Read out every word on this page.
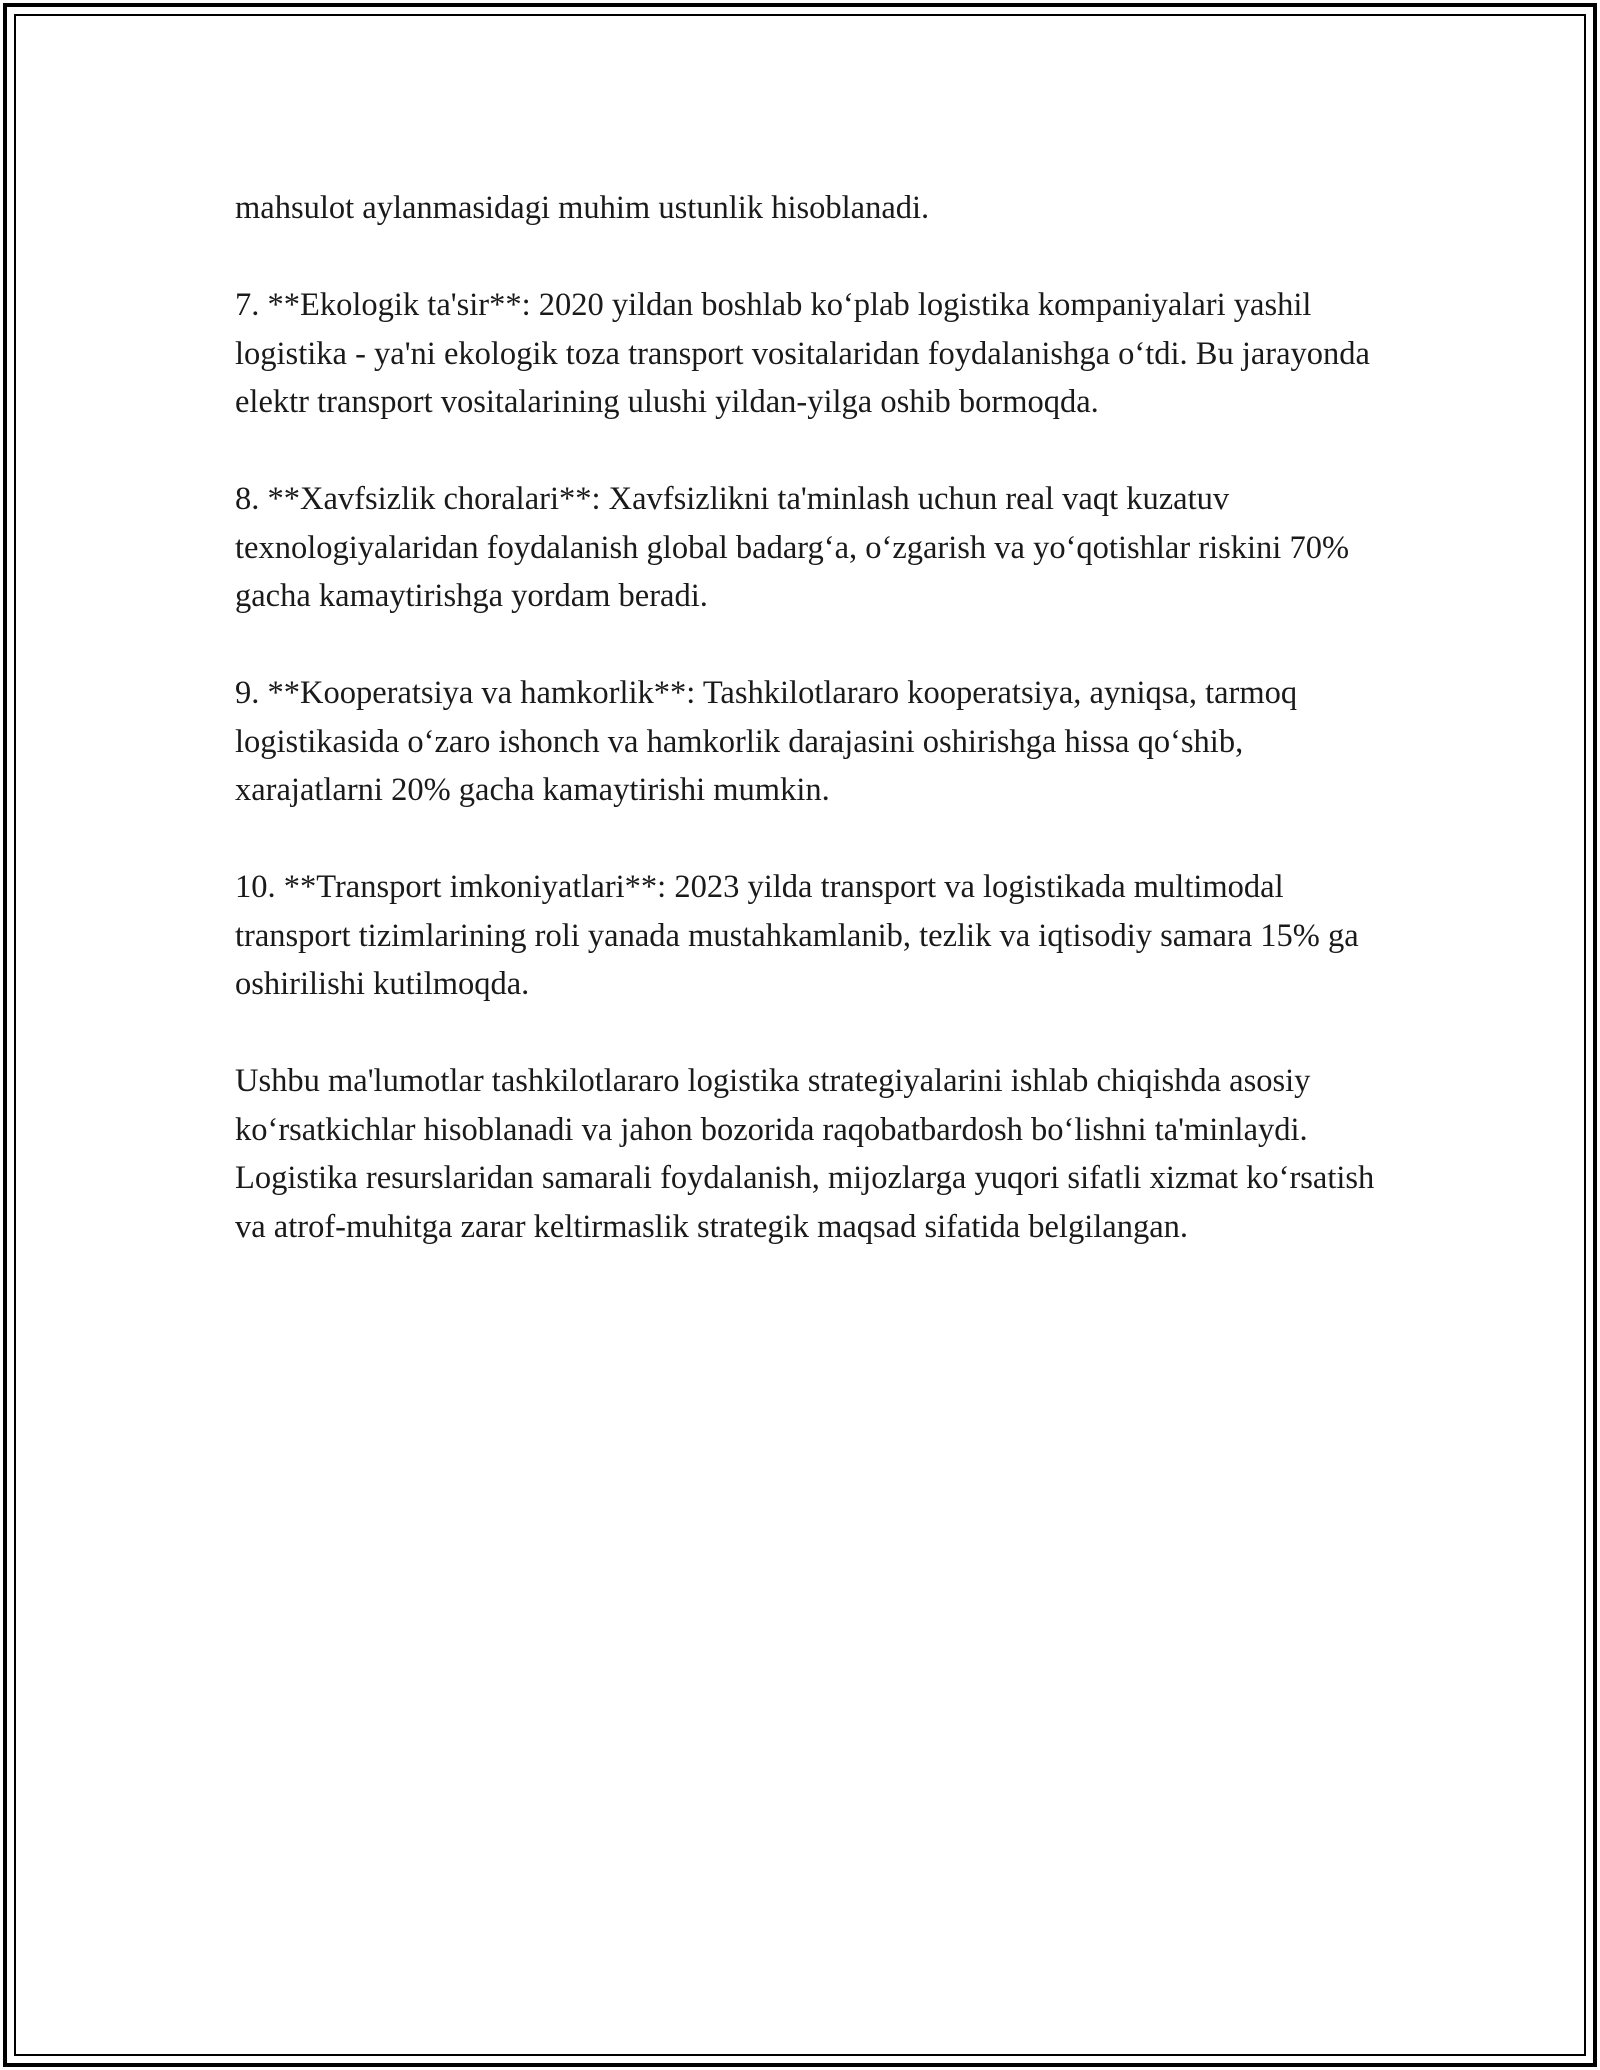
mahsulot aylanmasidagi muhim ustunlik hisoblanadi.

7. **Ekologik ta'sir**: 2020 yildan boshlab ko‘plab logistika kompaniyalari yashil logistika - ya'ni ekologik toza transport vositalaridan foydalanishga o‘tdi. Bu jarayonda elektr transport vositalarining ulushi yildan-yilga oshib bormoqda.

8. **Xavfsizlik choralari**: Xavfsizlikni ta'minlash uchun real vaqt kuzatuv texnologiyalaridan foydalanish global badarg‘a, o‘zgarish va yo‘qotishlar riskini 70% gacha kamaytirishga yordam beradi.

9. **Kooperatsiya va hamkorlik**: Tashkilotlararo kooperatsiya, ayniqsa, tarmoq logistikasida o‘zaro ishonch va hamkorlik darajasini oshirishga hissa qo‘shib, xarajatlarni 20% gacha kamaytirishi mumkin.

10. **Transport imkoniyatlari**: 2023 yilda transport va logistikada multimodal transport tizimlarining roli yanada mustahkamlanib, tezlik va iqtisodiy samara 15% ga oshirilishi kutilmoqda.

Ushbu ma'lumotlar tashkilotlararo logistika strategiyalarini ishlab chiqishda asosiy ko‘rsatkichlar hisoblanadi va jahon bozorida raqobatbardosh bo‘lishni ta'minlaydi. Logistika resurslaridan samarali foydalanish, mijozlarga yuqori sifatli xizmat ko‘rsatish va atrof-muhitga zarar keltirmaslik strategik maqsad sifatida belgilangan.
